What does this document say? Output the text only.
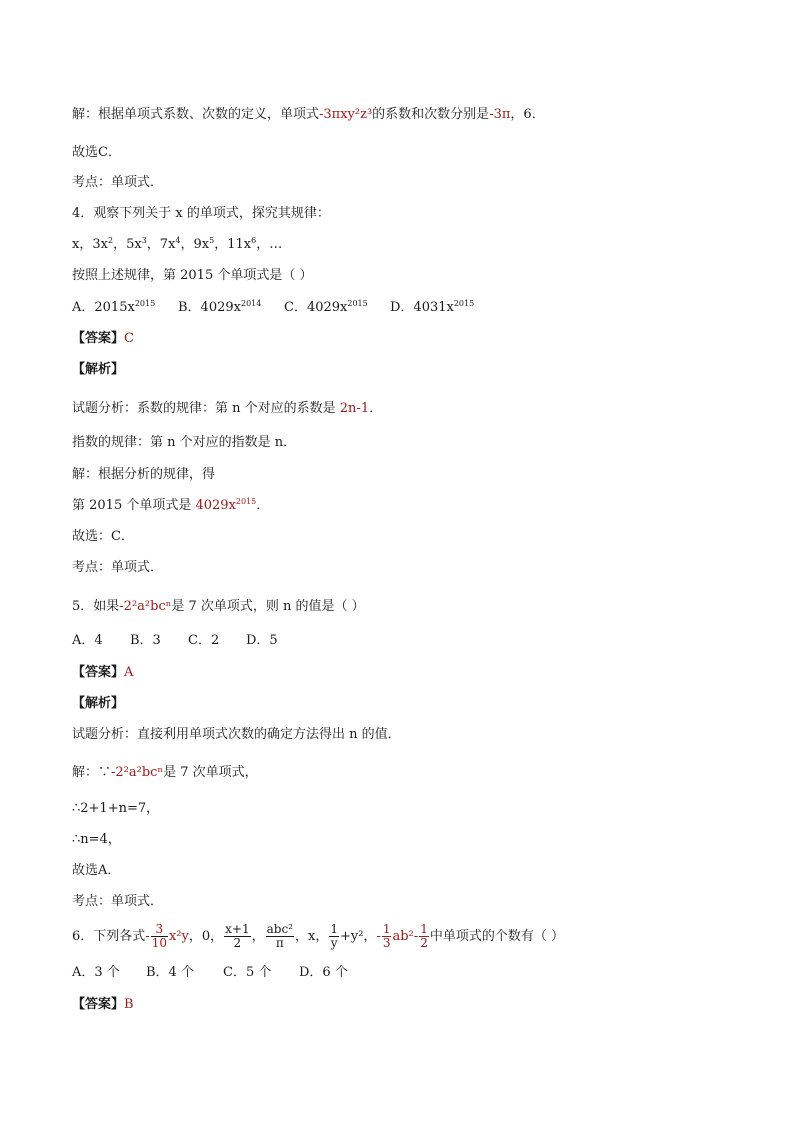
解：根据单项式系数、次数的定义，单项式-3πxy²z³的系数和次数分别是-3π，6．
故选C．
考点：单项式．
4．观察下列关于 x 的单项式，探究其规律：
x，$3x^2$，$5x^3$，$7x^4$，$9x^5$，$11x^6$，…
按照上述规律，第 2015 个单项式是（ ）
A．$2015x^{2015}$ B．$4029x^{2014}$ C．$4029x^{2015}$ D．$4031x^{2015}$
【答案】C
【解析】
试题分析：系数的规律：第 n 个对应的系数是 2n-1．
指数的规律：第 n 个对应的指数是 n．
解：根据分析的规律，得
第 2015 个单项式是 $4029x^{2015}$．
故选：C．
考点：单项式．
5．如果-2²a²bcⁿ是 7 次单项式，则 n 的值是（ ）
A．4 B．3 C．2 D．5
【答案】A
【解析】
试题分析：直接利用单项式次数的确定方法得出 n 的值．
解：∵-2²a²bcⁿ是 7 次单项式，
∴2+1+n=7，
∴n=4，
故选A．
考点：单项式．
6．下列各式- $\frac{3}{10} x^2y$，0， $\frac{x+1}{2}$ ， $\frac{\text{abc²}}{\pi}$ ，x， $\frac{1}{y} +y^2$，- $\frac{1}{3} ab^2- \frac{1}{2}$ 中单项式的个数有（ ）
A．3 个 B．4 个 C．5 个 D．6 个
【答案】B
